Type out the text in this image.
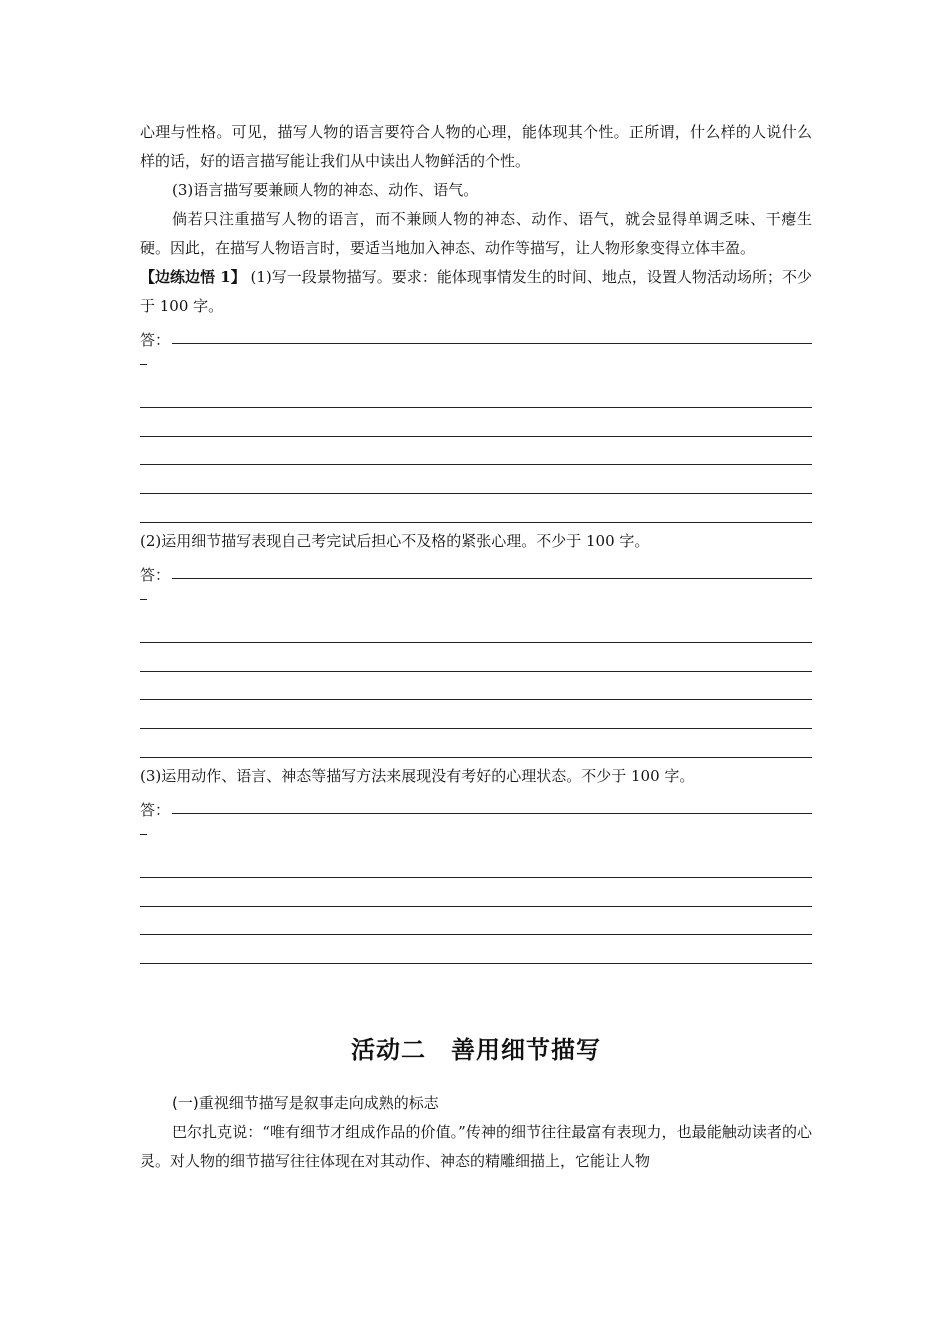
心理与性格。可见，描写人物的语言要符合人物的心理，能体现其个性。正所谓，什么样的人说什么样的话，好的语言描写能让我们从中读出人物鲜活的个性。

(3)语言描写要兼顾人物的神态、动作、语气。

倘若只注重描写人物的语言，而不兼顾人物的神态、动作、语气，就会显得单调乏味、干瘪生硬。因此，在描写人物语言时，要适当地加入神态、动作等描写，让人物形象变得立体丰盈。

【边练边悟 1】 (1)写一段景物描写。要求：能体现事情发生的时间、地点，设置人物活动场所；不少于 100 字。

答：

(2)运用细节描写表现自己考完试后担心不及格的紧张心理。不少于 100 字。

答：

(3)运用动作、语言、神态等描写方法来展现没有考好的心理状态。不少于 100 字。

答：
活动二　善用细节描写

(一)重视细节描写是叙事走向成熟的标志

巴尔扎克说：“唯有细节才组成作品的价值。”传神的细节往往最富有表现力，也最能触动读者的心灵。对人物的细节描写往往体现在对其动作、神态的精雕细描上，它能让人物
